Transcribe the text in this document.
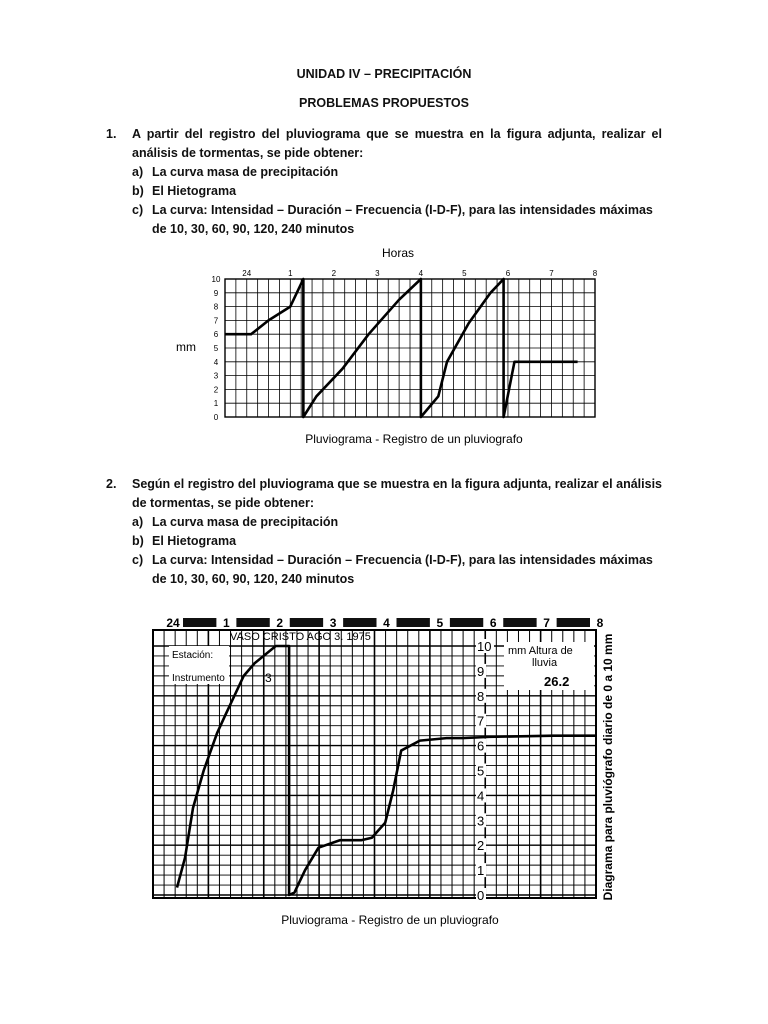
UNIDAD IV – PRECIPITACIÓN
PROBLEMAS PROPUESTOS
1. A partir del registro del pluviograma que se muestra en la figura adjunta, realizar el análisis de tormentas, se pide obtener:
a) La curva masa de precipitación
b) El Hietograma
c) La curva: Intensidad – Duración – Frecuencia (I-D-F), para las intensidades máximas de 10, 30, 60, 90, 120, 240 minutos
Horas
mm
24	1	2	3	4	5	6	7	8
0
1
2
3
4
5
6
7
8
9
10
Pluviograma - Registro de un pluviografo
2. Según el registro del pluviograma que se muestra en la figura adjunta, realizar el análisis de tormentas, se pide obtener:
a) La curva masa de precipitación
b) El Hietograma
c) La curva: Intensidad – Duración – Frecuencia (I-D-F), para las intensidades máximas de 10, 30, 60, 90, 120, 240 minutos
24	1	2	3	4	5	6	7	8
VASO CRISTO AGO 3. 1975
Estación:
Instrumento	3
mm Altura de
lluvia
26.2
0
1
2
3
4
5
6
7
8
9
10	Diagrama para pluviógrafo diario de 0 a 10 mm
Pluviograma - Registro de un pluviografo
